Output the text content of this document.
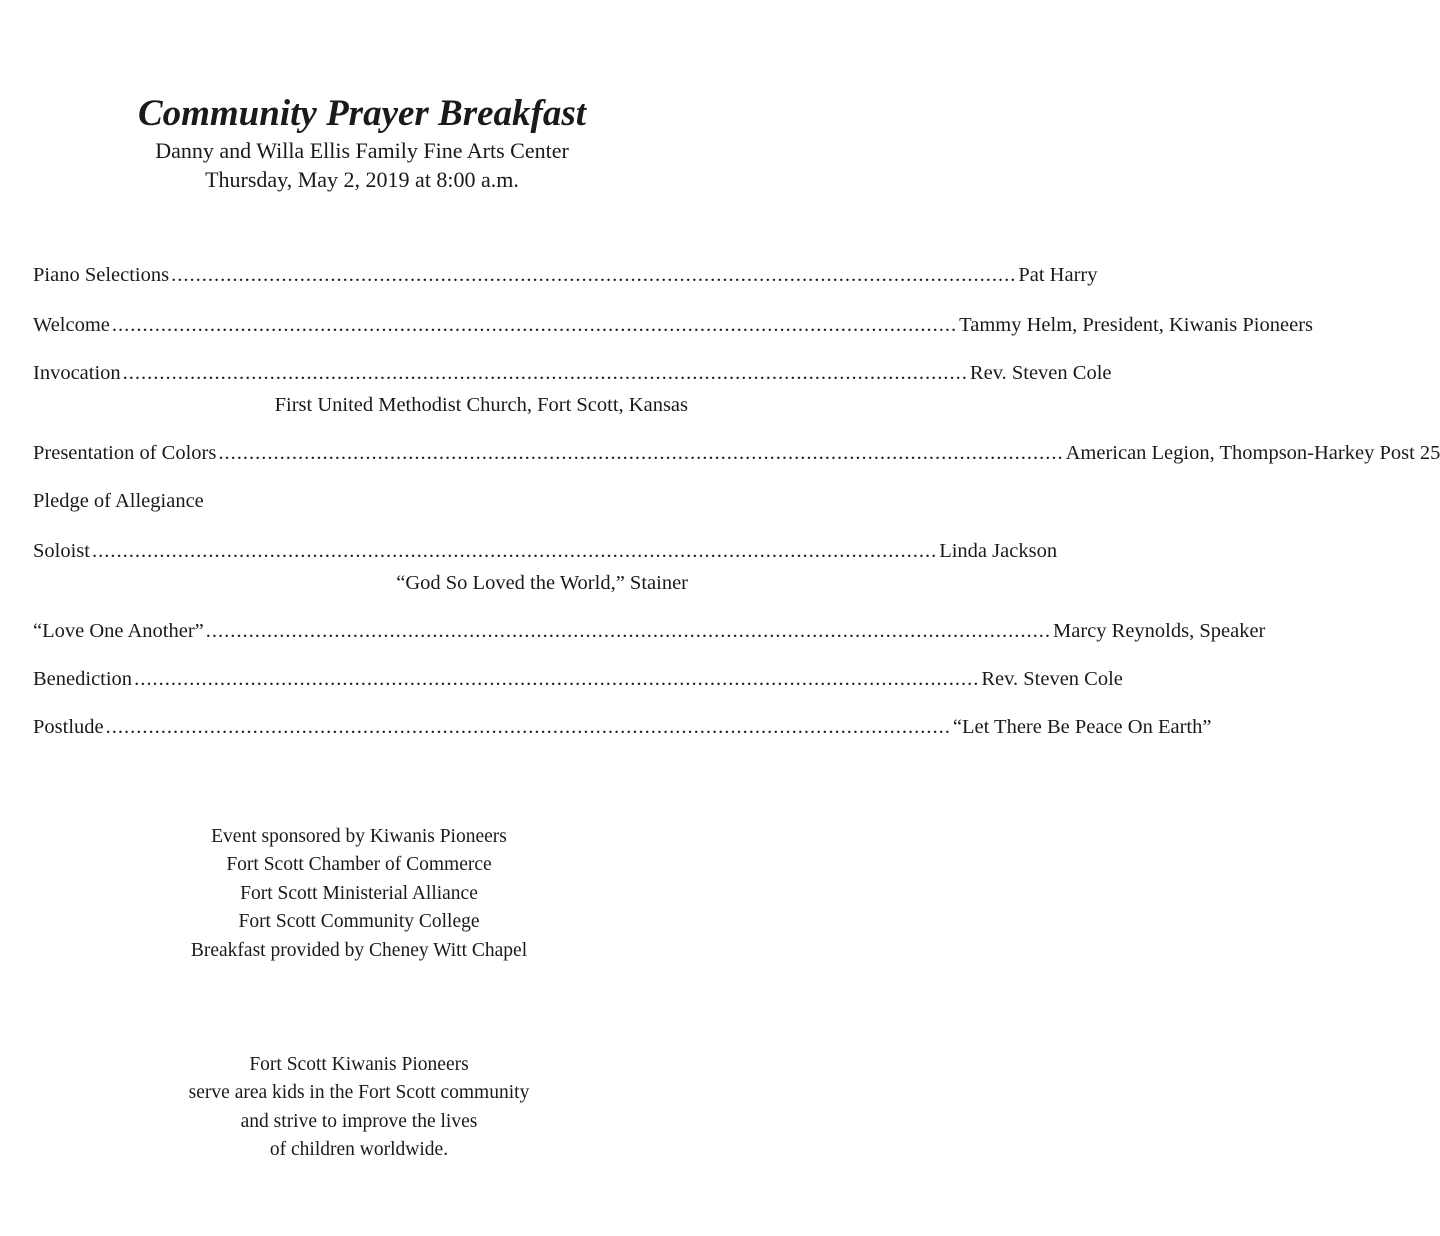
Community Prayer Breakfast

Danny and Willa Ellis Family Fine Arts Center

Thursday, May 2, 2019 at 8:00 a.m.

Piano Selections .......................................................................................................................................... Pat Harry
Welcome .......................................................................................................................................... Tammy Helm, President, Kiwanis Pioneers
Invocation .......................................................................................................................................... Rev. Steven Cole
First United Methodist Church, Fort Scott, Kansas
Presentation of Colors .......................................................................................................................................... American Legion, Thompson-Harkey Post 25
Pledge of Allegiance
Soloist .......................................................................................................................................... Linda Jackson
“God So Loved the World,” Stainer
“Love One Another” .......................................................................................................................................... Marcy Reynolds, Speaker
Benediction .......................................................................................................................................... Rev. Steven Cole
Postlude .......................................................................................................................................... “Let There Be Peace On Earth”
Event sponsored by Kiwanis Pioneers
Fort Scott Chamber of Commerce
Fort Scott Ministerial Alliance
Fort Scott Community College
Breakfast provided by Cheney Witt Chapel
Fort Scott Kiwanis Pioneers
serve area kids in the Fort Scott community
and strive to improve the lives
of children worldwide.
